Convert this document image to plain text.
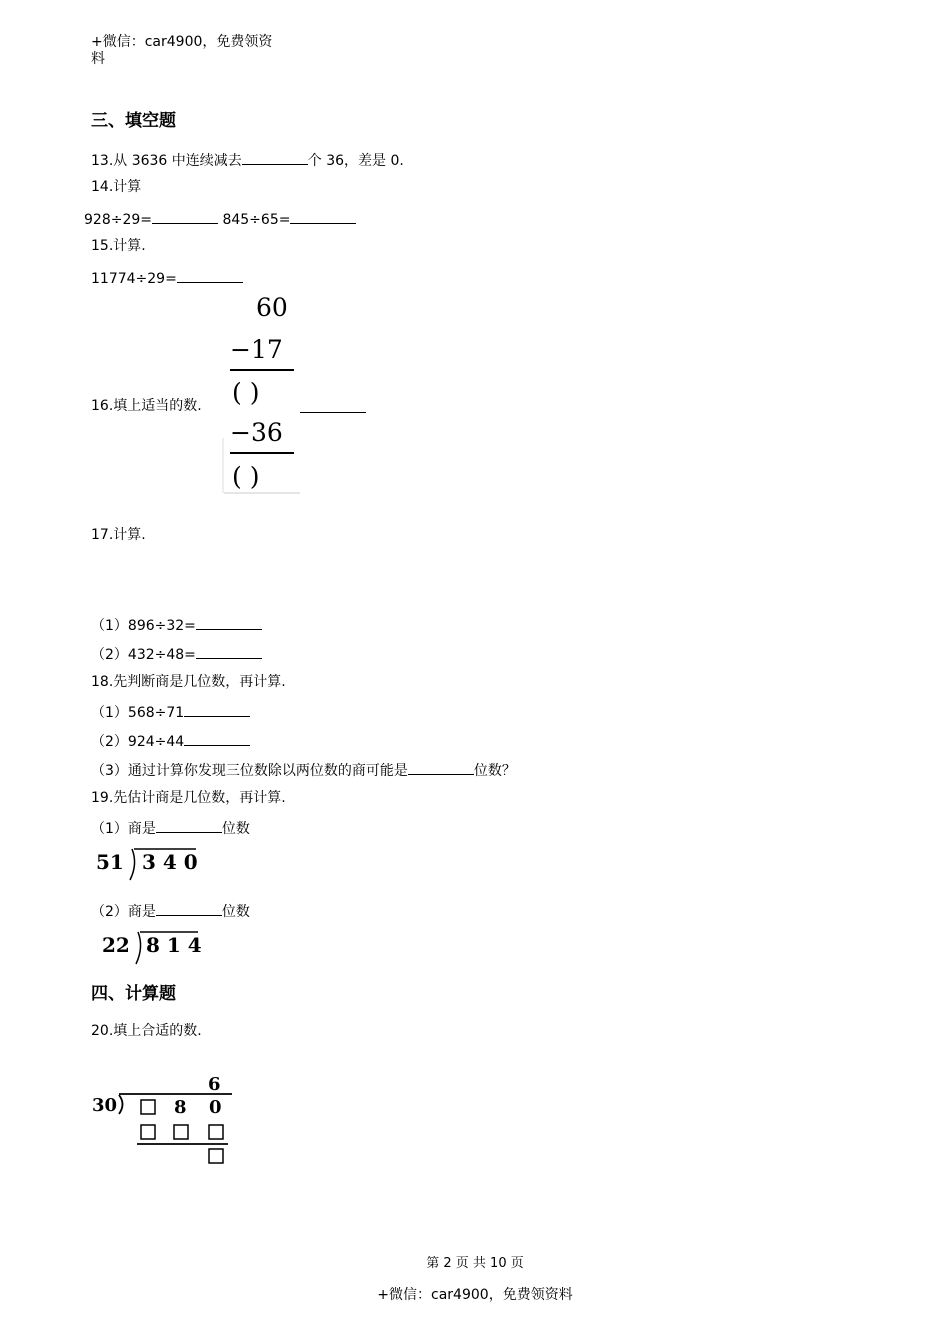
+微信：car4900，免费领资
料
三、填空题
13.从 3636 中连续减去	个 36，差是 0.
14.计算
928÷29=	845÷65=
15.计算.
11774÷29=
60
−17
( )
−36
( )
16.填上适当的数.
17.计算.
（1）896÷32=
（2）432÷48=
18.先判断商是几位数，再计算.
（1）568÷71
（2）924÷44
（3）通过计算你发现三位数除以两位数的商可能是	位数？
19.先估计商是几位数，再计算.
（1）商是	位数
51 3 4 0
（2）商是	位数
22 8 1 4
四、计算题
20.填上合适的数.
6
30	8 0
第 2 页 共 10 页
+微信：car4900，免费领资料
